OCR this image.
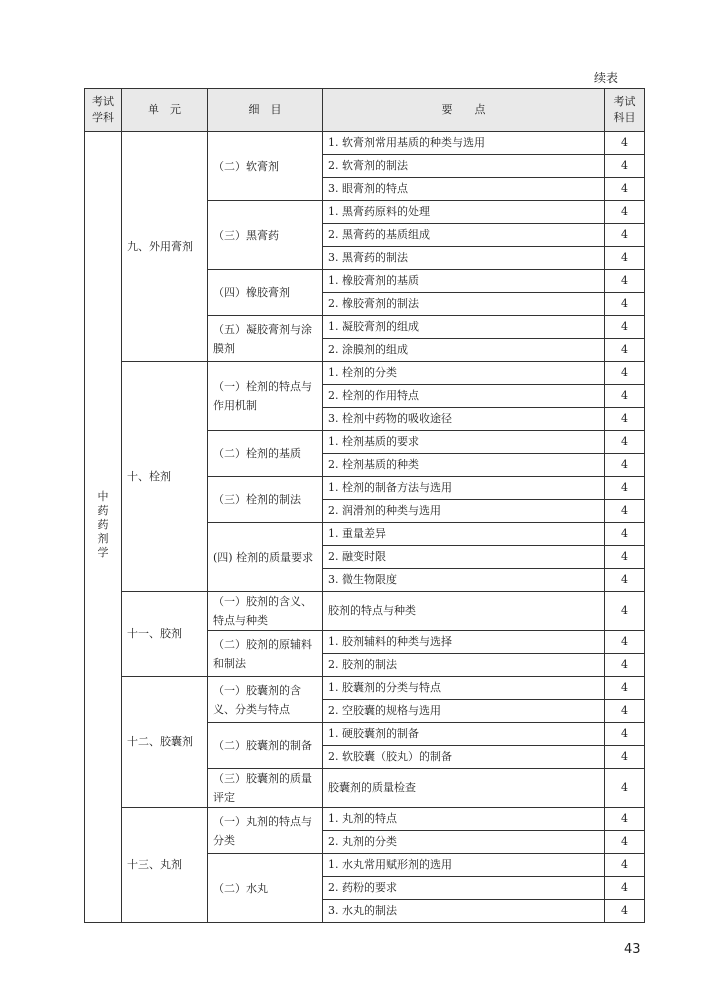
续表
考试学科	单　元	细　目	要　　点	考试科目
中药药剂学	九、外用膏剂	（二）软膏剂	1. 软膏剂常用基质的种类与选用	4
			2. 软膏剂的制法	4
			3. 眼膏剂的特点	4
		（三）黑膏药	1. 黑膏药原料的处理	4
			2. 黑膏药的基质组成	4
			3. 黑膏药的制法	4
		（四）橡胶膏剂	1. 橡胶膏剂的基质	4
			2. 橡胶膏剂的制法	4
		（五）凝胶膏剂与涂膜剂	1. 凝胶膏剂的组成	4
			2. 涂膜剂的组成	4
	十、栓剂	（一）栓剂的特点与作用机制	1. 栓剂的分类	4
			2. 栓剂的作用特点	4
			3. 栓剂中药物的吸收途径	4
		（二）栓剂的基质	1. 栓剂基质的要求	4
			2. 栓剂基质的种类	4
		（三）栓剂的制法	1. 栓剂的制备方法与选用	4
			2. 润滑剂的种类与选用	4
		(四) 栓剂的质量要求	1. 重量差异	4
			2. 融变时限	4
			3. 微生物限度	4
	十一、胶剂	（一）胶剂的含义、特点与种类	胶剂的特点与种类	4
		（二）胶剂的原辅料和制法	1. 胶剂辅料的种类与选择	4
			2. 胶剂的制法	4
	十二、胶囊剂	（一）胶囊剂的含义、分类与特点	1. 胶囊剂的分类与特点	4
			2. 空胶囊的规格与选用	4
		（二）胶囊剂的制备	1. 硬胶囊剂的制备	4
			2. 软胶囊（胶丸）的制备	4
		（三）胶囊剂的质量评定	胶囊剂的质量检查	4
	十三、丸剂	（一）丸剂的特点与分类	1. 丸剂的特点	4
			2. 丸剂的分类	4
		（二）水丸	1. 水丸常用赋形剂的选用	4
			2. 药粉的要求	4
			3. 水丸的制法	4
43
